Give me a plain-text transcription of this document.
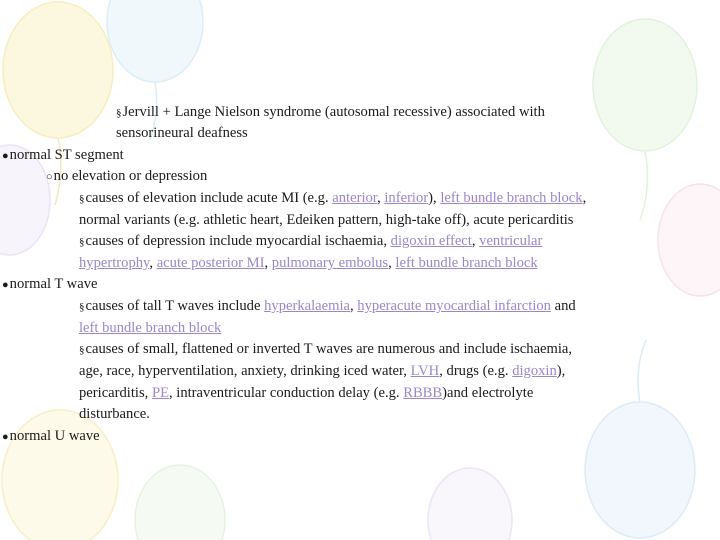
§Jervill + Lange Nielson syndrome (autosomal recessive) associated with
sensorineural deafness
●normal ST segment
○no elevation or depression
§causes of elevation include acute MI (e.g. anterior, inferior), left bundle branch block,
normal variants (e.g. athletic heart, Edeiken pattern, high-take off), acute pericarditis
§causes of depression include myocardial ischaemia, digoxin effect, ventricular
hypertrophy, acute posterior MI, pulmonary embolus, left bundle branch block
●normal T wave
§causes of tall T waves include hyperkalaemia, hyperacute myocardial infarction and
left bundle branch block
§causes of small, flattened or inverted T waves are numerous and include ischaemia,
age, race, hyperventilation, anxiety, drinking iced water, LVH, drugs (e.g. digoxin),
pericarditis, PE, intraventricular conduction delay (e.g. RBBB)and electrolyte
disturbance.
●normal U wave
